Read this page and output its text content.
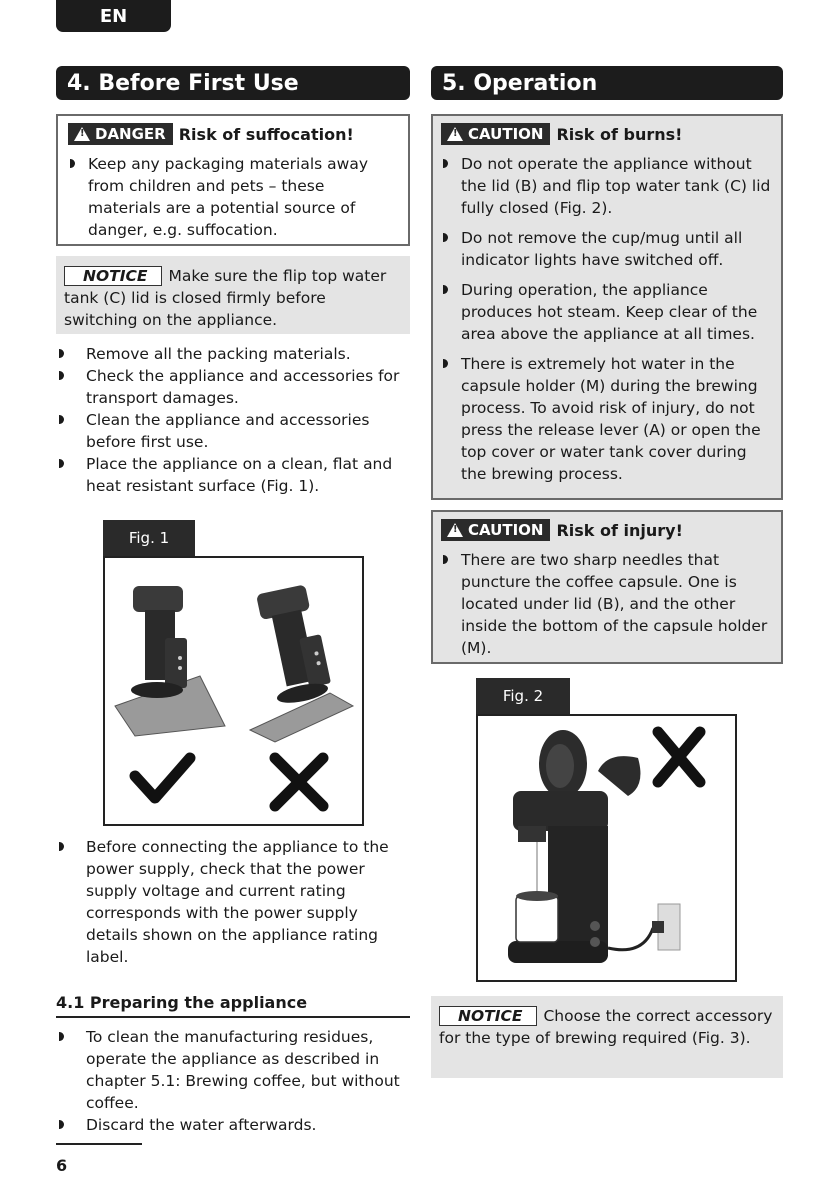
EN
4. Before First Use	5. Operation
!
DANGER Risk of suffocation!
Keep any packaging materials away from children and pets – these materials are a potential source of danger, e.g. suffocation.
NOTICE Make sure the flip top water tank (C) lid is closed firmly before switching on the appliance.
Remove all the packing materials.
Check the appliance and accessories for transport damages.
Clean the appliance and accessories before first use.
Place the appliance on a clean, flat and heat resistant surface (Fig. 1).
Fig. 1
Before connecting the appliance to the power supply, check that the power supply voltage and current rating corresponds with the power supply details shown on the appliance rating label.
4.1 Preparing the appliance
To clean the manufacturing residues, operate the appliance as described in chapter 5.1: Brewing coffee, but without coffee.
Discard the water afterwards.
6
!
CAUTION Risk of burns!
Do not operate the appliance without the lid (B) and flip top water tank (C) lid fully closed (Fig. 2).
Do not remove the cup/mug until all indicator lights have switched off.
During operation, the appliance produces hot steam. Keep clear of the area above the appliance at all times.
There is extremely hot water in the capsule holder (M) during the brewing process. To avoid risk of injury, do not press the release lever (A) or open the top cover or water tank cover during the brewing process.
!
CAUTION Risk of injury!
There are two sharp needles that puncture the coffee capsule. One is located under lid (B), and the other inside the bottom of the capsule holder (M).
Fig. 2
NOTICE Choose the correct accessory for the type of brewing required (Fig. 3).
